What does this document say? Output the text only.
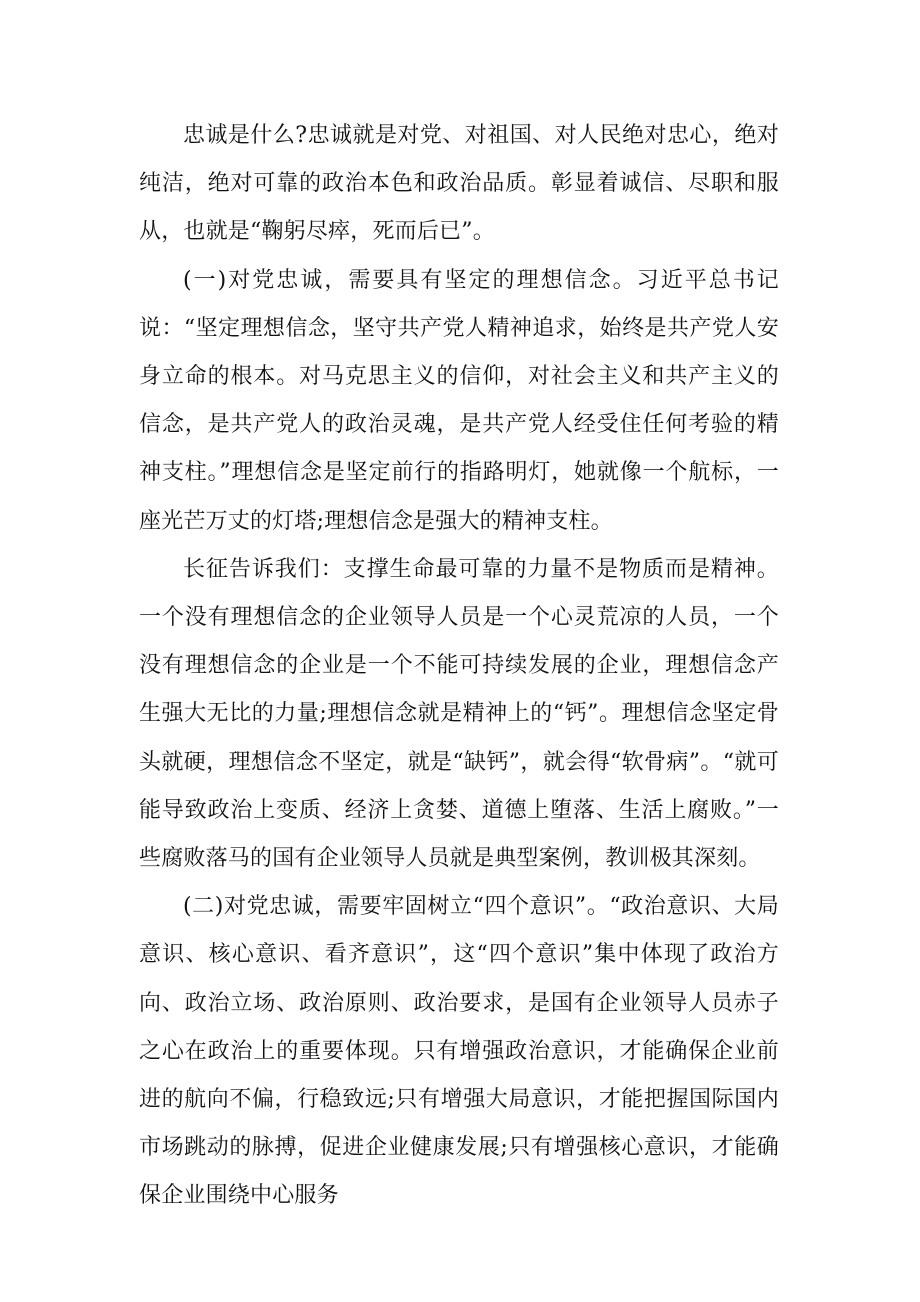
忠诚是什么?忠诚就是对党、对祖国、对人民绝对忠心，绝对纯洁，绝对可靠的政治本色和政治品质。彰显着诚信、尽职和服从，也就是“鞠躬尽瘁，死而后已”。

(一)对党忠诚，需要具有坚定的理想信念。习近平总书记说：“坚定理想信念，坚守共产党人精神追求，始终是共产党人安身立命的根本。对马克思主义的信仰，对社会主义和共产主义的信念，是共产党人的政治灵魂，是共产党人经受住任何考验的精神支柱。”理想信念是坚定前行的指路明灯，她就像一个航标，一座光芒万丈的灯塔;理想信念是强大的精神支柱。

长征告诉我们：支撑生命最可靠的力量不是物质而是精神。一个没有理想信念的企业领导人员是一个心灵荒凉的人员，一个没有理想信念的企业是一个不能可持续发展的企业，理想信念产生强大无比的力量;理想信念就是精神上的“钙”。理想信念坚定骨头就硬，理想信念不坚定，就是“缺钙”，就会得“软骨病”。“就可能导致政治上变质、经济上贪婪、道德上堕落、生活上腐败。”一些腐败落马的国有企业领导人员就是典型案例，教训极其深刻。

(二)对党忠诚，需要牢固树立“四个意识”。“政治意识、大局意识、核心意识、看齐意识”，这“四个意识”集中体现了政治方向、政治立场、政治原则、政治要求，是国有企业领导人员赤子之心在政治上的重要体现。只有增强政治意识，才能确保企业前进的航向不偏，行稳致远;只有增强大局意识，才能把握国际国内市场跳动的脉搏，促进企业健康发展;只有增强核心意识，才能确保企业围绕中心服务
